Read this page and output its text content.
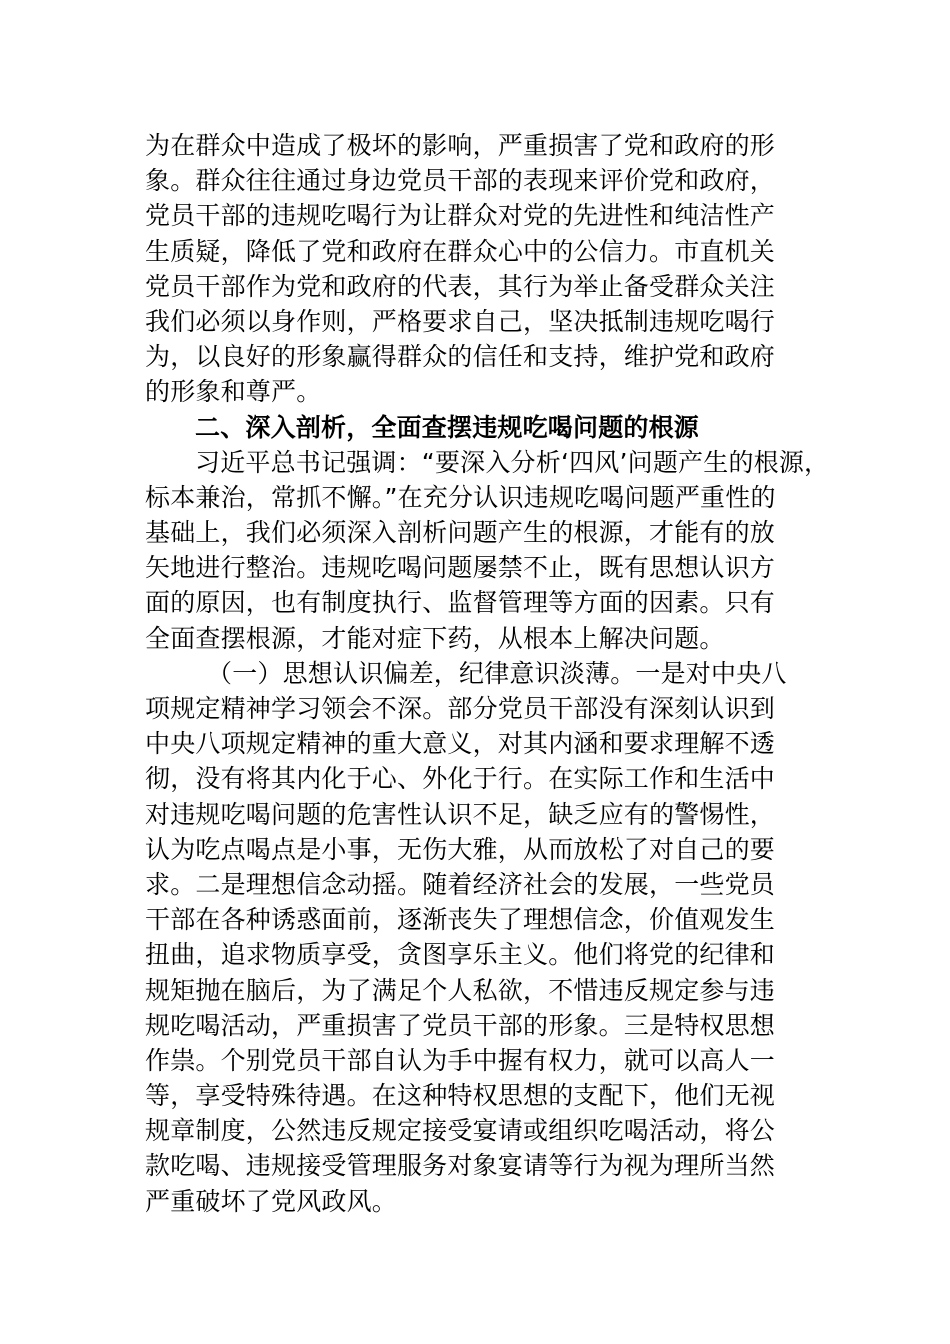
为在群众中造成了极坏的影响，严重损害了党和政府的形
象。群众往往通过身边党员干部的表现来评价党和政府，
党员干部的违规吃喝行为让群众对党的先进性和纯洁性产
生质疑，降低了党和政府在群众心中的公信力。市直机关
党员干部作为党和政府的代表，其行为举止备受群众关注
我们必须以身作则，严格要求自己，坚决抵制违规吃喝行
为，以良好的形象赢得群众的信任和支持，维护党和政府
的形象和尊严。
二、深入剖析，全面查摆违规吃喝问题的根源
习近平总书记强调：“要深入分析‘四风’问题产生的根源，
标本兼治，常抓不懈。”在充分认识违规吃喝问题严重性的
基础上，我们必须深入剖析问题产生的根源，才能有的放
矢地进行整治。违规吃喝问题屡禁不止，既有思想认识方
面的原因，也有制度执行、监督管理等方面的因素。只有
全面查摆根源，才能对症下药，从根本上解决问题。
（一）思想认识偏差，纪律意识淡薄。一是对中央八
项规定精神学习领会不深。部分党员干部没有深刻认识到
中央八项规定精神的重大意义，对其内涵和要求理解不透
彻，没有将其内化于心、外化于行。在实际工作和生活中
对违规吃喝问题的危害性认识不足，缺乏应有的警惕性，
认为吃点喝点是小事，无伤大雅，从而放松了对自己的要
求。二是理想信念动摇。随着经济社会的发展，一些党员
干部在各种诱惑面前，逐渐丧失了理想信念，价值观发生
扭曲，追求物质享受，贪图享乐主义。他们将党的纪律和
规矩抛在脑后，为了满足个人私欲，不惜违反规定参与违
规吃喝活动，严重损害了党员干部的形象。三是特权思想
作祟。个别党员干部自认为手中握有权力，就可以高人一
等，享受特殊待遇。在这种特权思想的支配下，他们无视
规章制度，公然违反规定接受宴请或组织吃喝活动，将公
款吃喝、违规接受管理服务对象宴请等行为视为理所当然
严重破坏了党风政风。
